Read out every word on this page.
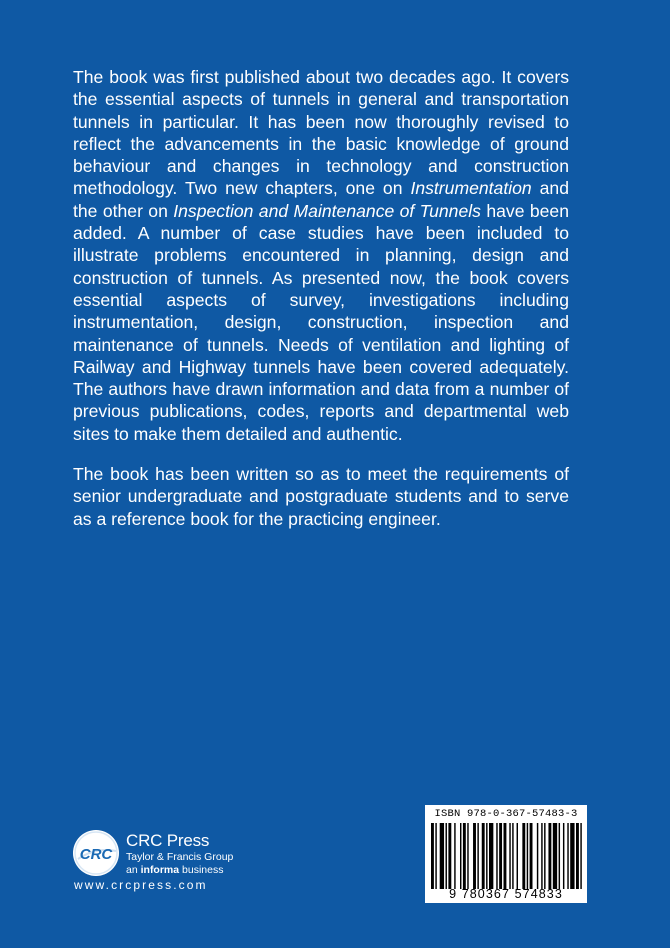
The book was first published about two decades ago. It covers the essential aspects of tunnels in general and transportation tunnels in particular. It has been now thoroughly revised to reflect the advancements in the basic knowledge of ground behaviour and changes in technology and construction methodology. Two new chapters, one on Instrumentation and the other on Inspection and Maintenance of Tunnels have been added. A number of case studies have been included to illustrate problems encountered in planning, design and construction of tunnels. As presented now, the book covers essential aspects of survey, investigations including instrumentation, design, construction, inspection and maintenance of tunnels. Needs of ventilation and lighting of Railway and Highway tunnels have been covered adequately. The authors have drawn information and data from a number of previous publications, codes, reports and departmental web sites to make them detailed and authentic.

The book has been written so as to meet the requirements of senior undergraduate and postgraduate students and to serve as a reference book for the practicing engineer.

CRC
CRC Press
Taylor & Francis Group
an informa business
www.crcpress.com
ISBN 978-0-367-57483-3
9 780367 574833
